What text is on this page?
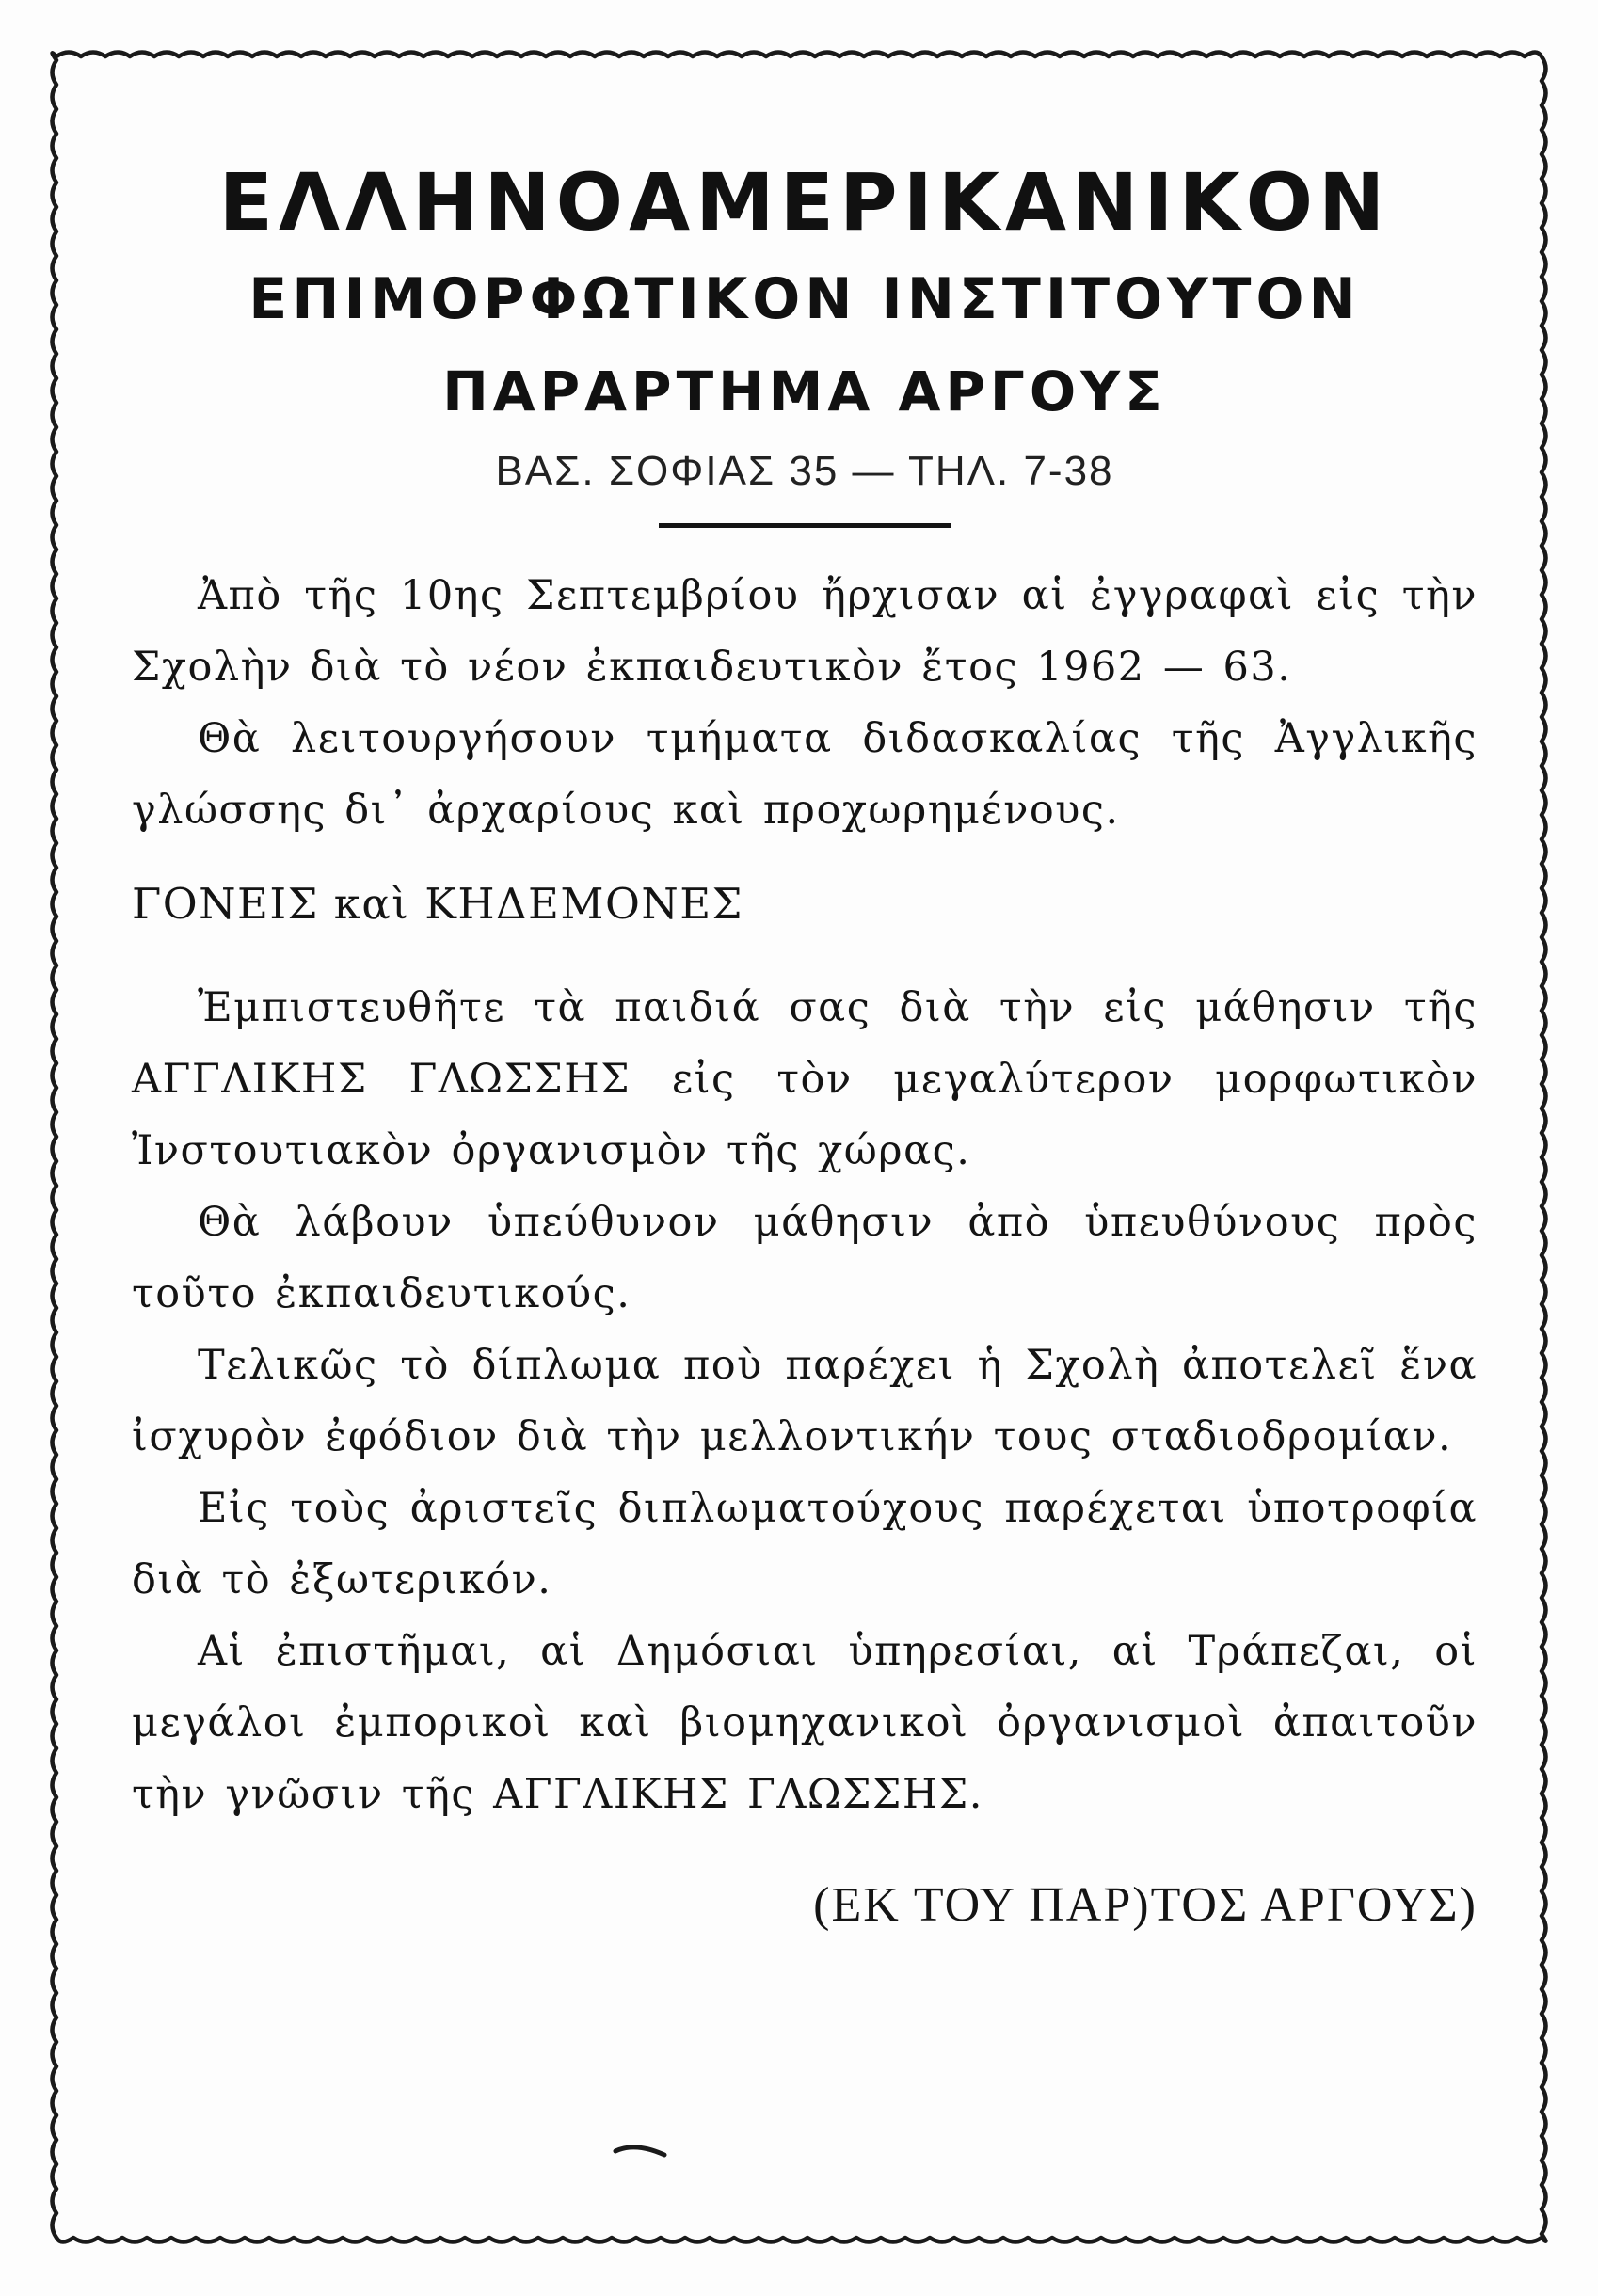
ΕΛΛΗΝΟΑΜΕΡΙΚΑΝΙΚΟΝ
ΕΠΙΜΟΡΦΩΤΙΚΟΝ ΙΝΣΤΙΤΟΥΤΟΝ
ΠΑΡΑΡΤΗΜΑ ΑΡΓΟΥΣ

ΒΑΣ. ΣΟΦΙΑΣ 35 — ΤΗΛ. 7-38

Ἀπὸ τῆς 10ης Σεπτεμβρίου ἤρχισαν αἱ ἐγγραφαὶ εἰς τὴν Σχολὴν διὰ τὸ νέον ἐκπαιδευτικὸν ἔτος 1962 — 63.

Θὰ λειτουργήσουν τμήματα διδασκαλίας τῆς Ἀγγλικῆς γλώσσης δι᾽ ἀρχαρίους καὶ προχωρημένους.

ΓΟΝΕΙΣ καὶ ΚΗΔΕΜΟΝΕΣ

Ἐμπιστευθῆτε τὰ παιδιά σας διὰ τὴν εἰς μάθησιν τῆς ΑΓΓΛΙΚΗΣ ΓΛΩΣΣΗΣ εἰς τὸν μεγαλύτερον μορφωτικὸν Ἰνστουτιακὸν ὀργανισμὸν τῆς χώρας.

Θὰ λάβουν ὑπεύθυνον μάθησιν ἀπὸ ὑπευθύνους πρὸς τοῦτο ἐκπαιδευτικούς.

Τελικῶς τὸ δίπλωμα ποὺ παρέχει ἡ Σχολὴ ἀποτελεῖ ἕνα ἰσχυρὸν ἐφόδιον διὰ τὴν μελλοντικήν τους σταδιοδρομίαν.

Εἰς τοὺς ἀριστεῖς διπλωματούχους παρέχεται ὑποτροφία διὰ τὸ ἐξωτερικόν.

Αἱ ἐπιστῆμαι, αἱ Δημόσιαι ὑπηρεσίαι, αἱ Τράπεζαι, οἱ μεγάλοι ἐμπορικοὶ καὶ βιομηχανικοὶ ὀργανισμοὶ ἀπαιτοῦν τὴν γνῶσιν τῆς ΑΓΓΛΙΚΗΣ ΓΛΩΣΣΗΣ.

(ΕΚ ΤΟΥ ΠΑΡ)ΤΟΣ ΑΡΓΟΥΣ)
